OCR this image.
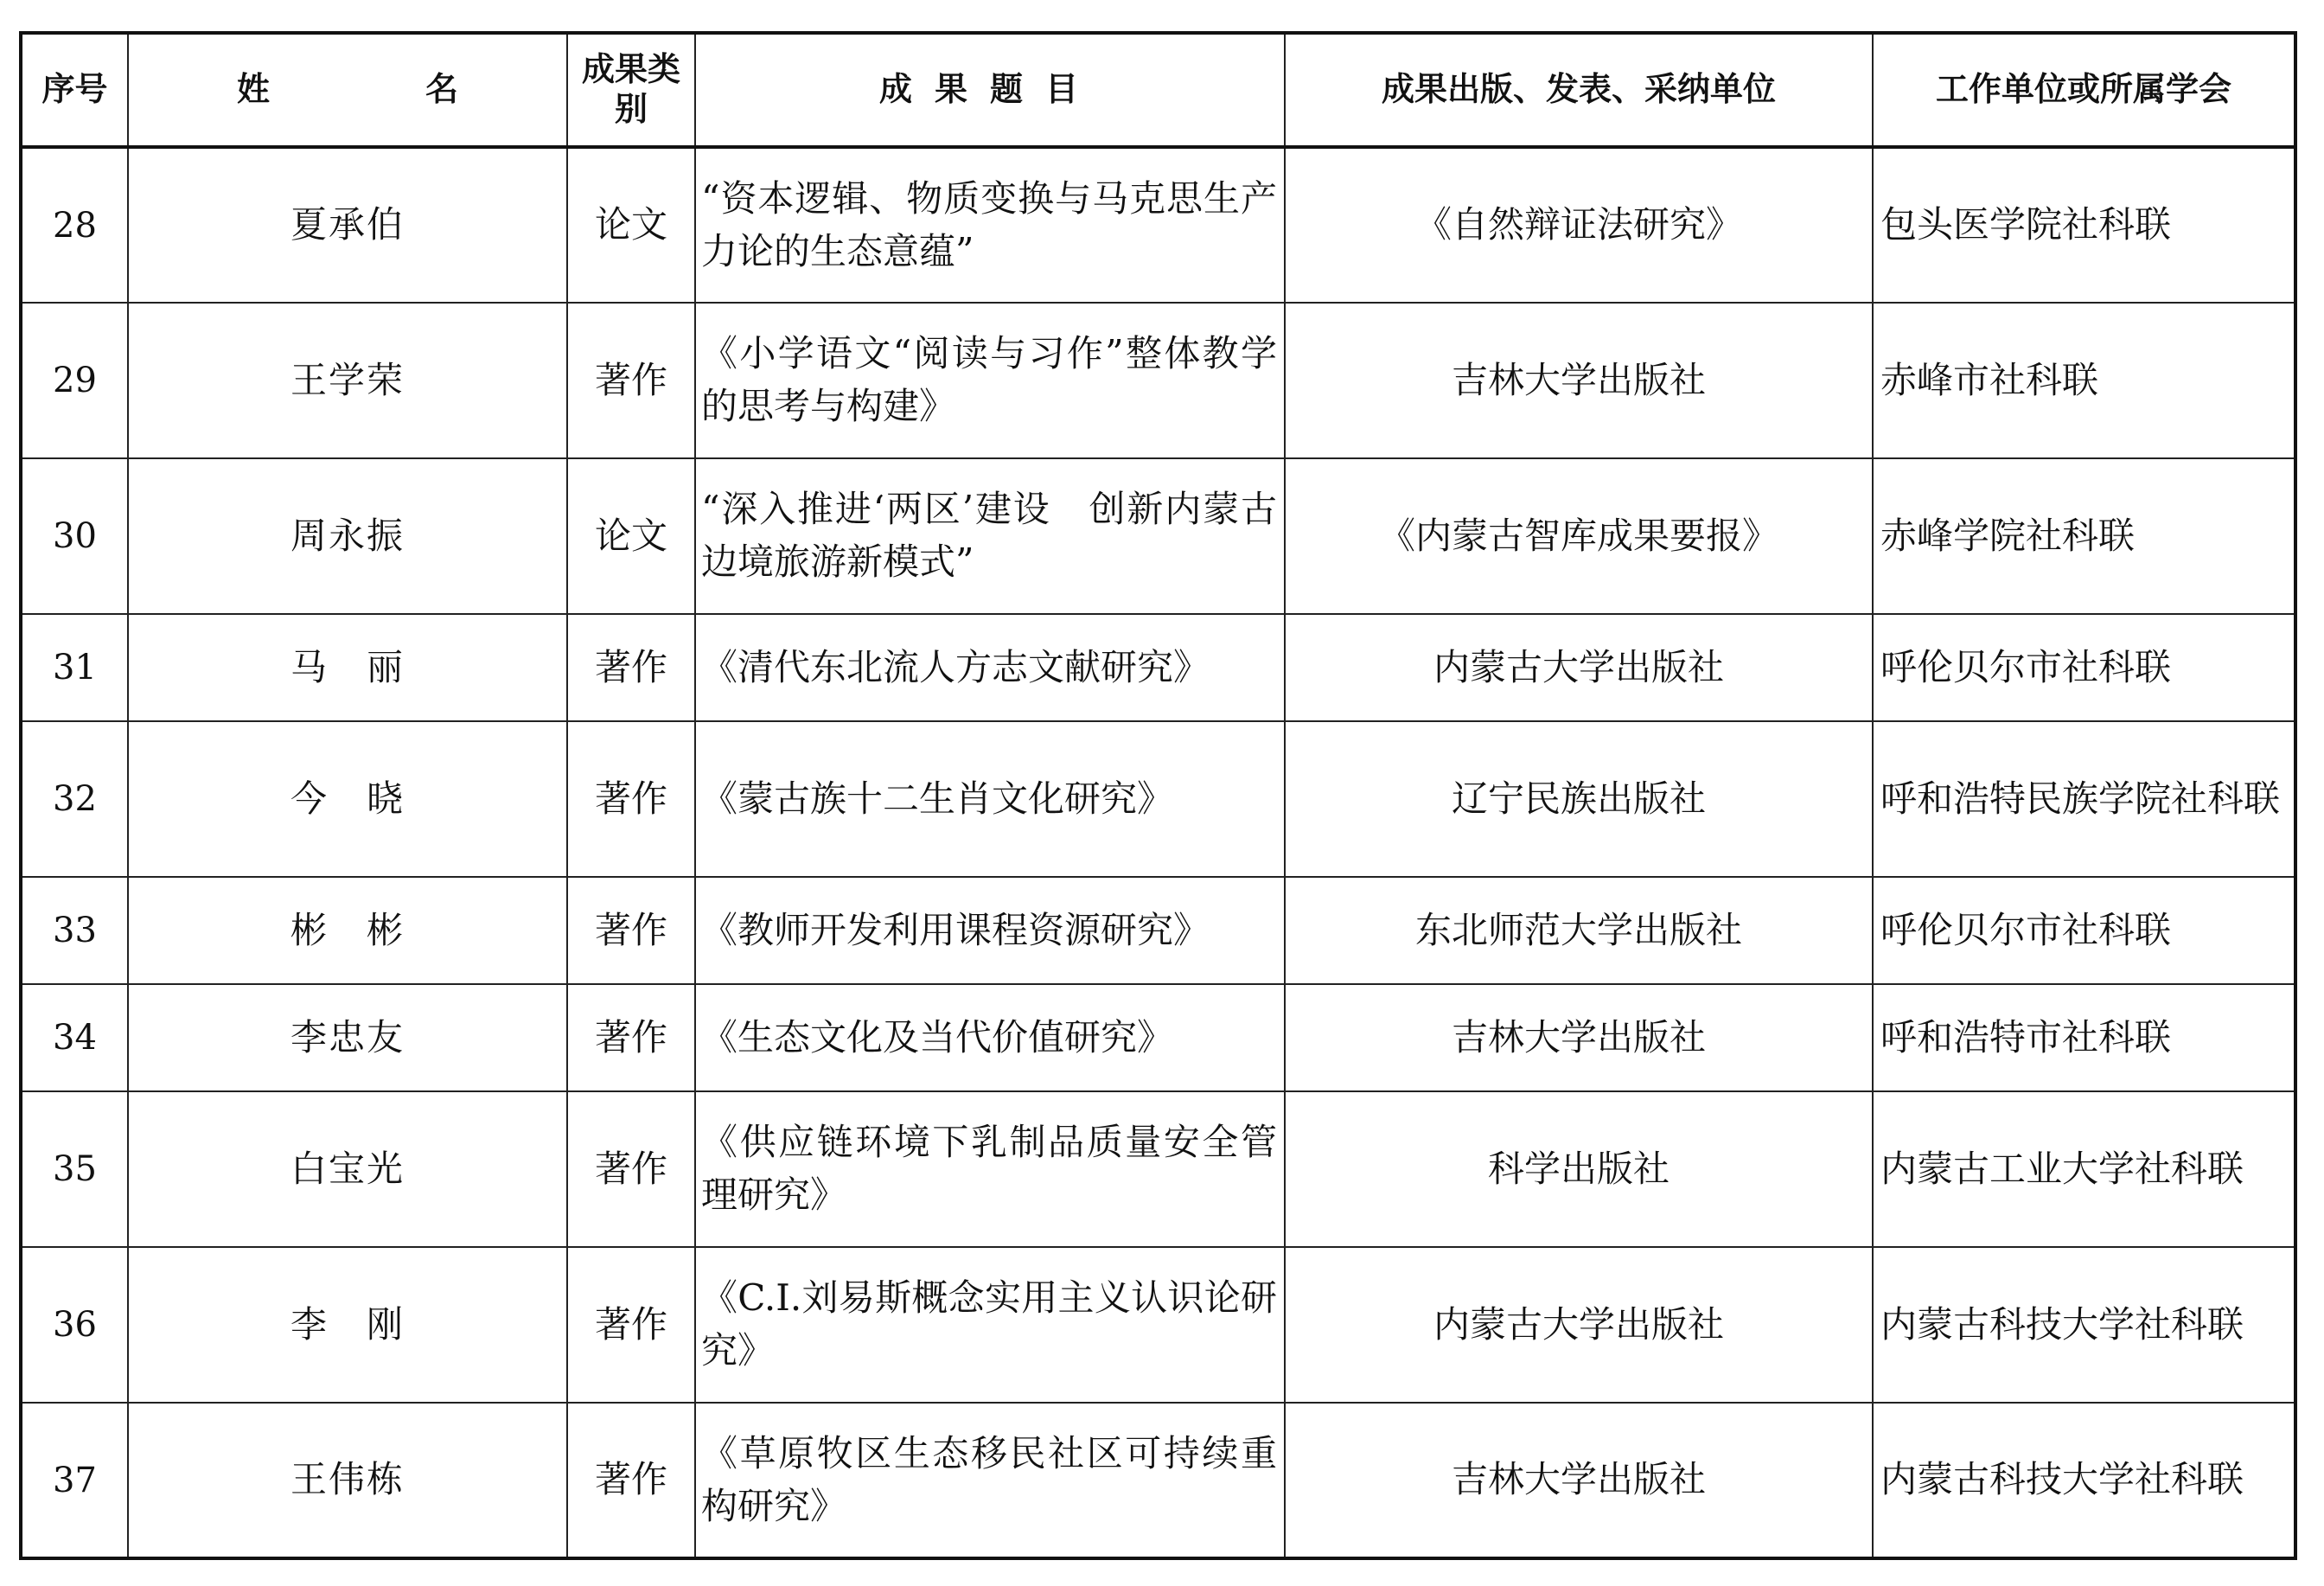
序号	姓 名	成果类别	成果题目	成果出版、发表、采纳单位	工作单位或所属学会
28	夏承伯	论文	“资本逻辑、物质变换与马克思生产力论的生态意蕴”	《自然辩证法研究》	包头医学院社科联
29	王学荣	著作	《小学语文“阅读与习作”整体教学的思考与构建》	吉林大学出版社	赤峰市社科联
30	周永振	论文	“深入推进‘两区’建设　创新内蒙古边境旅游新模式”	《内蒙古智库成果要报》	赤峰学院社科联
31	马　丽	著作	《清代东北流人方志文献研究》	内蒙古大学出版社	呼伦贝尔市社科联
32	今　晓	著作	《蒙古族十二生肖文化研究》	辽宁民族出版社	呼和浩特民族学院社科联
33	彬　彬	著作	《教师开发利用课程资源研究》	东北师范大学出版社	呼伦贝尔市社科联
34	李忠友	著作	《生态文化及当代价值研究》	吉林大学出版社	呼和浩特市社科联
35	白宝光	著作	《供应链环境下乳制品质量安全管理研究》	科学出版社	内蒙古工业大学社科联
36	李　刚	著作	《C.I.刘易斯概念实用主义认识论研究》	内蒙古大学出版社	内蒙古科技大学社科联
37	王伟栋	著作	《草原牧区生态移民社区可持续重构研究》	吉林大学出版社	内蒙古科技大学社科联
